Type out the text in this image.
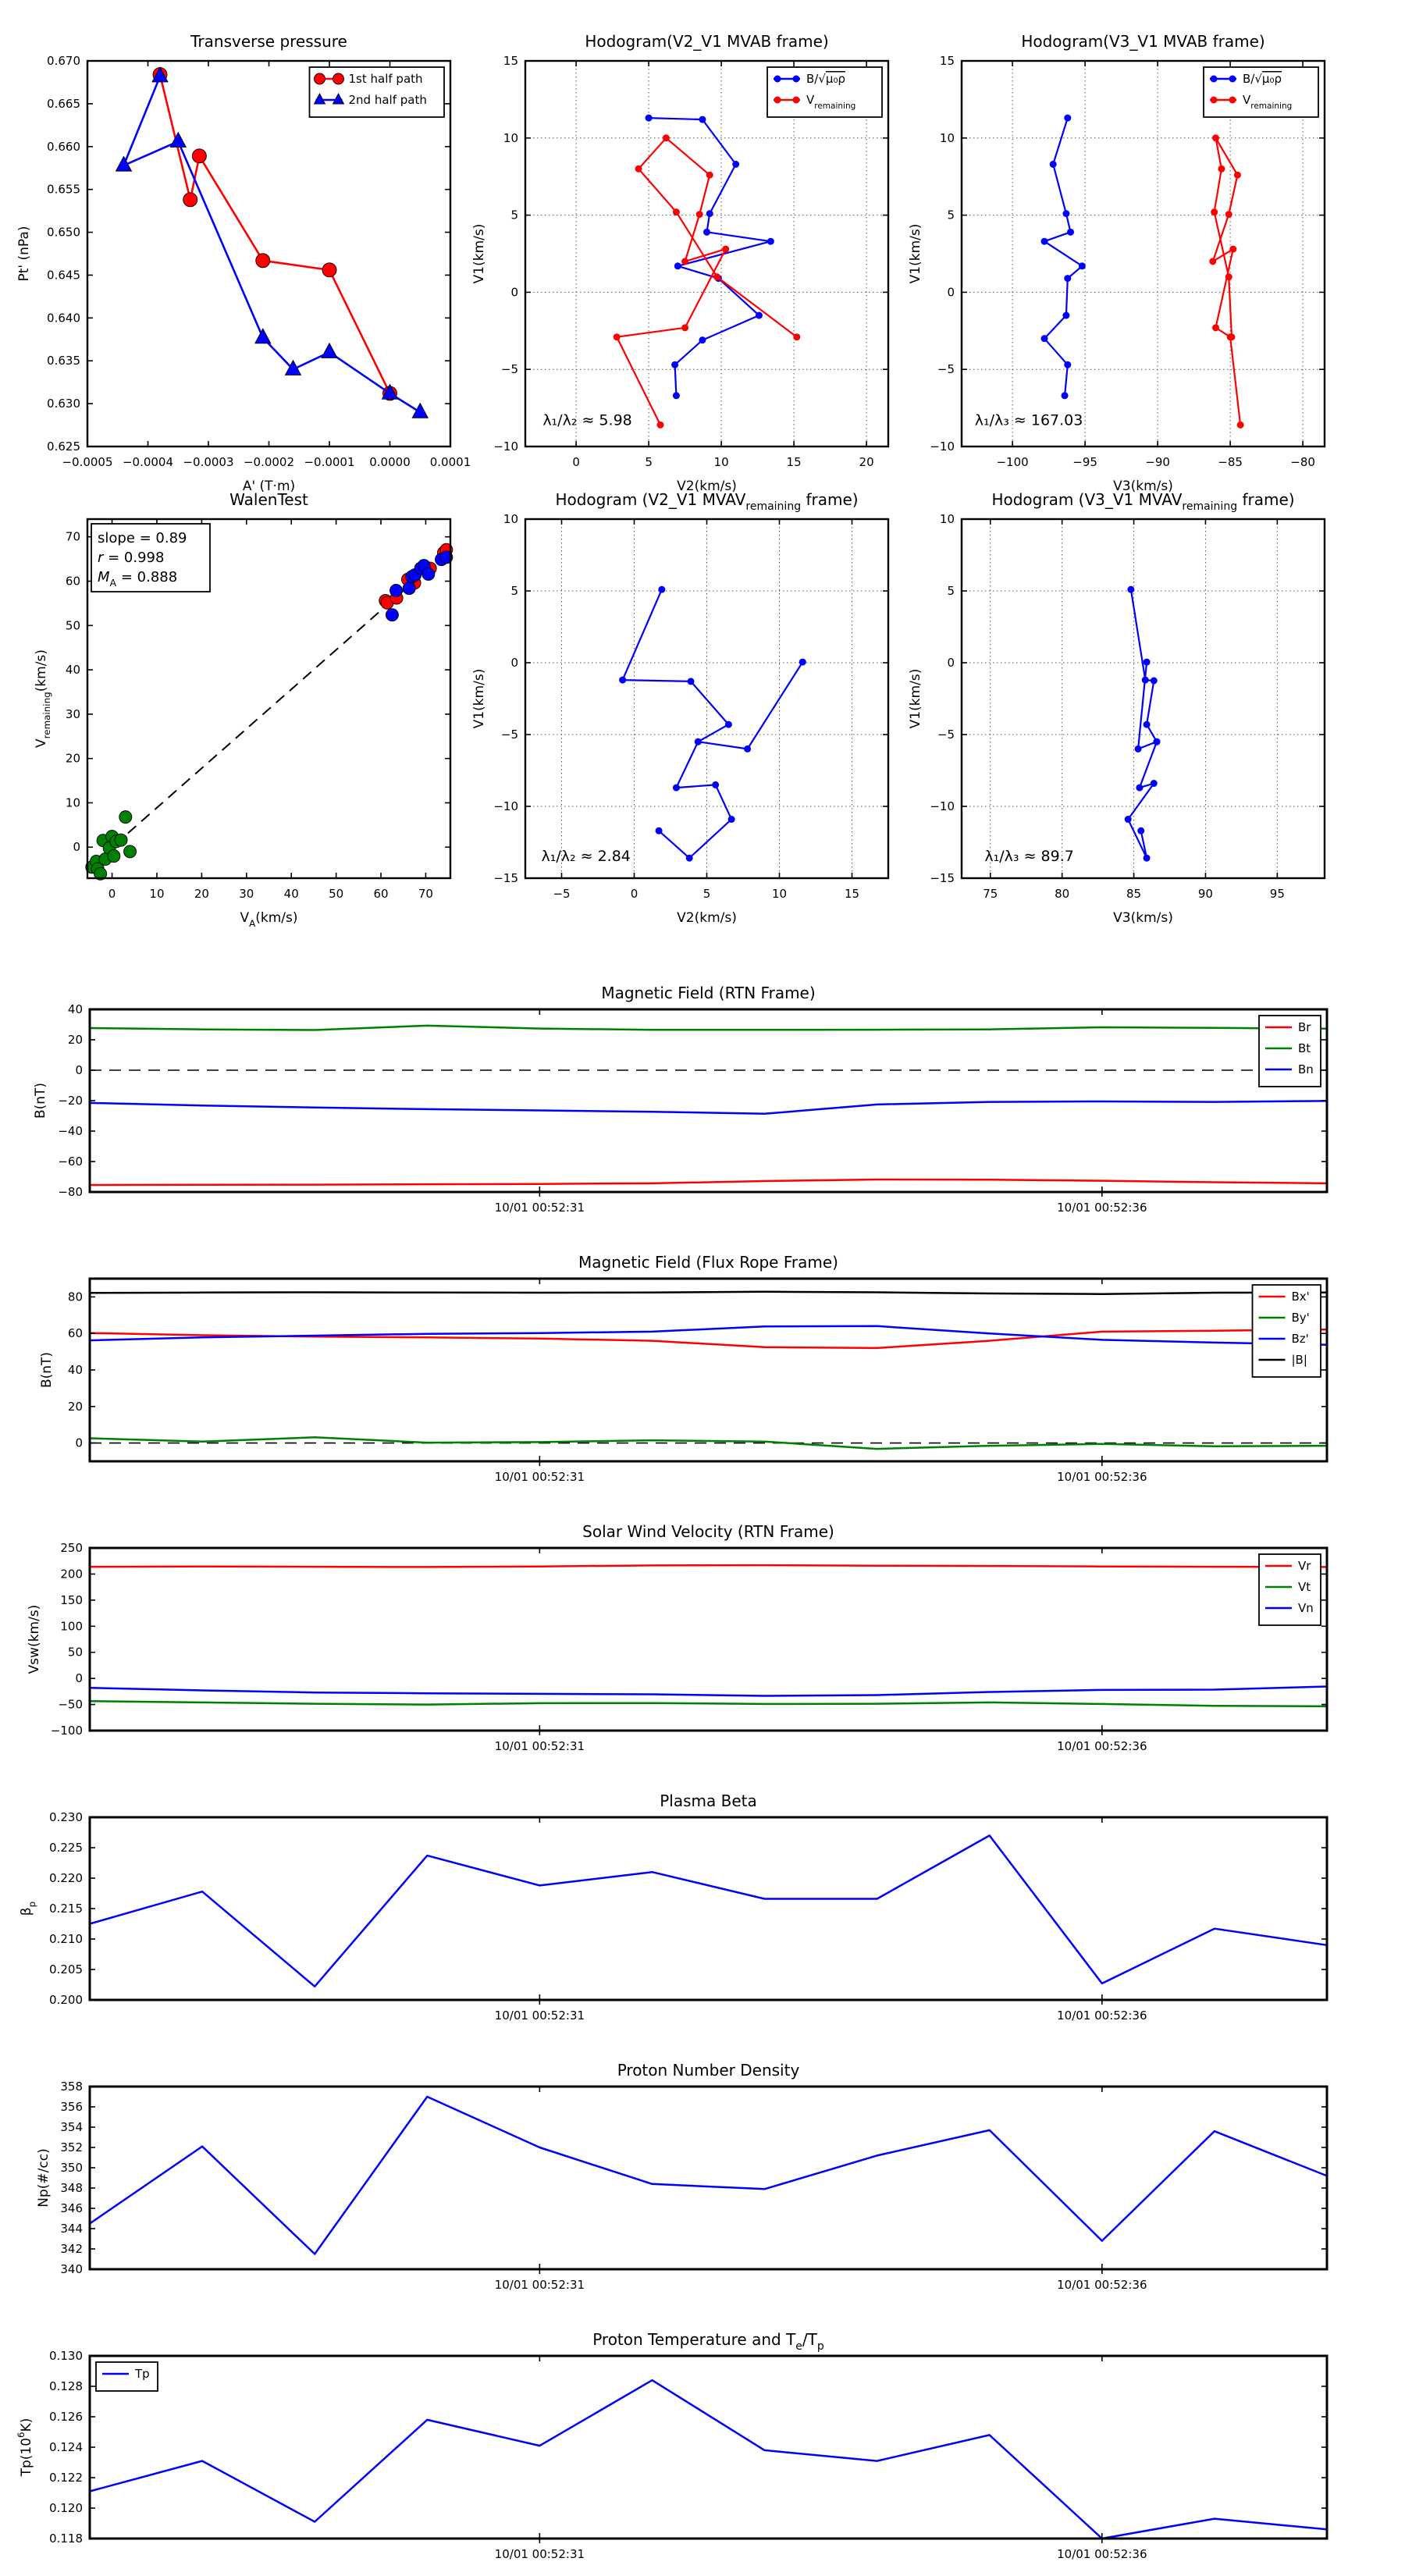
−0.0005 −0.0004 −0.0003 −0.0002 −0.0001 0.0000 0.0001
0.625
0.630
0.635
0.640
0.645
0.650
0.655
0.660
0.665
0.670
Transverse pressure
A' (T·m)
Pt' (nPa)
1st half path
2nd half path
0	5	10	15	20
−10
−5
0
5
10
15
Hodogram(V2_V1 MVAB frame)
V2(km/s)
V1(km/s)
λ₁/λ₂ ≈ 5.98
B/√μ₀ρ
$V_{remaining}$
−100	−95	−90	−85	−80
−10
−5
0
5
10
15
Hodogram(V3_V1 MVAB frame)
V3(km/s)
V1(km/s)
λ₁/λ₃ ≈ 167.03
B/√μ₀ρ
$V_{remaining}$
0	10	20	30	40	50	60	70
0
10
20
30
40
50
60
70
WalenTest
$V_A(km/s)$
$V_{remaining}(km/s)$
slope = 0.89
r = 0.998
$M_A = 0.888$
−5	0	5	10	15
−15
−10
−5
0
5
10
Hodogram (V2_V1 $MVAV_{remaining}$ frame)
V2(km/s)
V1(km/s)
λ₁/λ₂ ≈ 2.84
75	80	85	90	95
−15
−10
−5
0
5
10
Hodogram (V3_V1 $MVAV_{remaining}$ frame)
V3(km/s)
V1(km/s)
λ₁/λ₃ ≈ 89.7
10/01 00:52:31	10/01 00:52:36
−80
−60
−40
−20
0
20
40
Magnetic Field (RTN Frame)
B(nT)
Br
Bt
Bn
10/01 00:52:31	10/01 00:52:36
0
20
40
60
80
Magnetic Field (Flux Rope Frame)
B(nT)
Bx'
By'
Bz'
|B|
10/01 00:52:31	10/01 00:52:36
−100
−50
0
50
100
150
200
250
Solar Wind Velocity (RTN Frame)
Vsw(km/s)
Vr
Vt
Vn
10/01 00:52:31	10/01 00:52:36
0.200
0.205
0.210
0.215
0.220
0.225
0.230
Plasma Beta
$\beta_p$
10/01 00:52:31	10/01 00:52:36
340
342
344
346
348
350
352
354
356
358
Proton Number Density
Np(#/cc)
10/01 00:52:31	10/01 00:52:36
0.118
0.120
0.122
0.124
0.126
0.128
0.130
Proton Temperature and $T_e/T_p$
$Tp(10^6K)$
Tp
